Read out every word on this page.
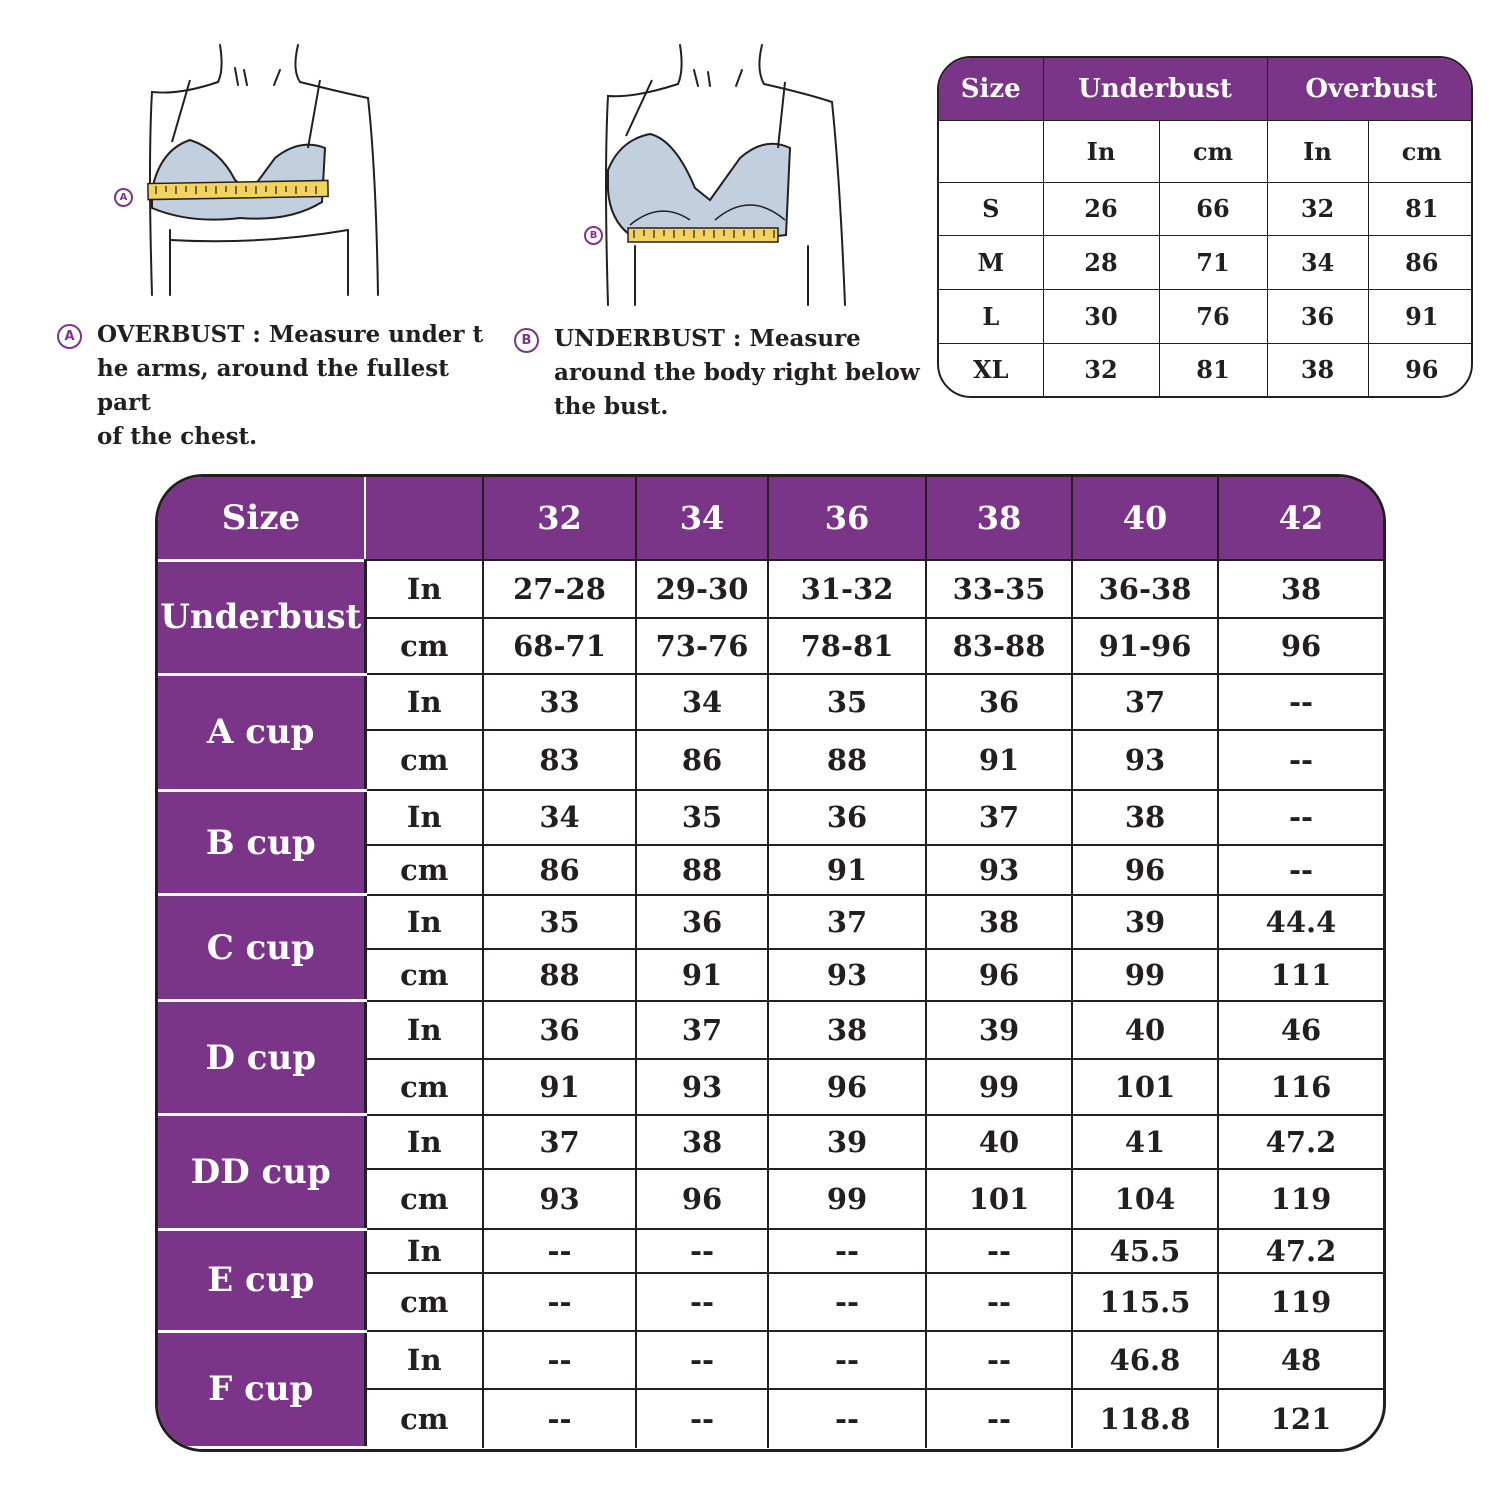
A
B
A OVERBUST : Measure under t
he arms, around the fullest part
of the chest.
B UNDERBUST : Measure
around the body right below
the bust.
Size	Underbust		Overbust	
	In	cm	In	cm
S	26	66	32	81
M	28	71	34	86
L	30	76	36	91
XL	32	81	38	96
Size		32	34	36	38	40	42
Underbust	In	27-28	29-30	31-32	33-35	36-38	38
	cm	68-71	73-76	78-81	83-88	91-96	96
A cup	In	33	34	35	36	37	--
	cm	83	86	88	91	93	--
B cup	In	34	35	36	37	38	--
	cm	86	88	91	93	96	--
C cup	In	35	36	37	38	39	44.4
	cm	88	91	93	96	99	111
D cup	In	36	37	38	39	40	46
	cm	91	93	96	99	101	116
DD cup	In	37	38	39	40	41	47.2
	cm	93	96	99	101	104	119
E cup	In	--	--	--	--	45.5	47.2
	cm	--	--	--	--	115.5	119
F cup	In	--	--	--	--	46.8	48
	cm	--	--	--	--	118.8	121
